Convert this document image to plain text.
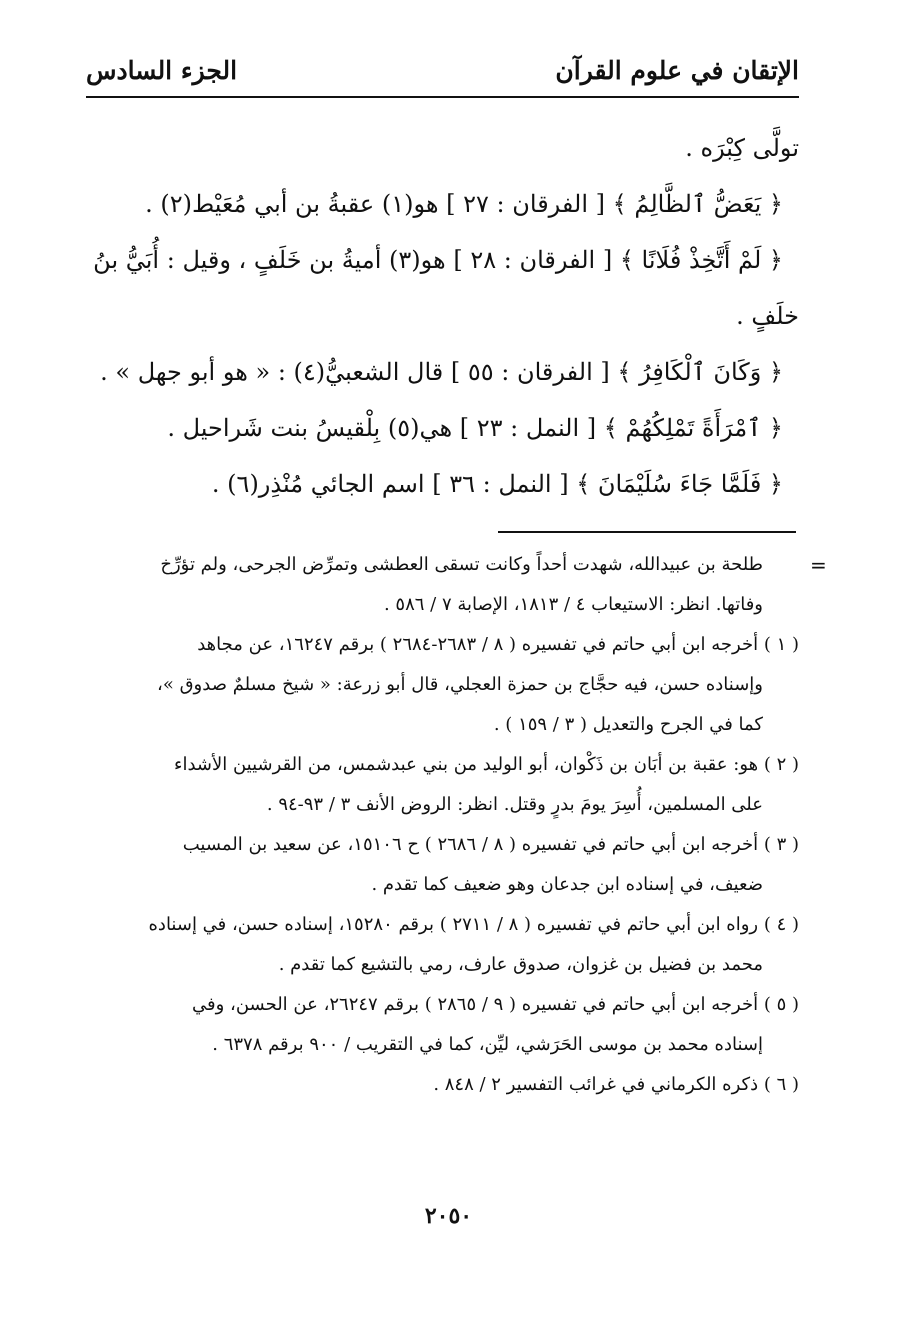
الإتقان في علوم القرآن
الجزء السادس
تولَّى كِبْرَه .
﴿ يَعَضُّ ٱلظَّالِمُ ﴾ [ الفرقان : ٢٧ ] هو(١) عقبةُ بن أبي مُعَيْط(٢) .
﴿ لَمْ أَتَّخِذْ فُلَانًا ﴾ [ الفرقان : ٢٨ ] هو(٣) أميةُ بن خَلَفٍ ، وقيل : أُبَيُّ بنُ
خلَفٍ .
﴿ وَكَانَ ٱلْكَافِرُ ﴾ [ الفرقان : ٥٥ ] قال الشعبيُّ(٤) : « هو أبو جهل » .
﴿ ٱمْرَأَةً تَمْلِكُهُمْ ﴾ [ النمل : ٢٣ ] هي(٥) بِلْقيسُ بنت شَراحيل .
﴿ فَلَمَّا جَاءَ سُلَيْمَانَ ﴾ [ النمل : ٣٦ ] اسم الجائي مُنْذِر(٦) .
=
طلحة بن عبيدالله، شهدت أحداً وكانت تسقى العطشى وتمرِّض الجرحى، ولم تؤرِّخ
وفاتها. انظر: الاستيعاب ٤ / ١٨١٣، الإصابة ٧ / ٥٨٦ .
( ١ ) أخرجه ابن أبي حاتم في تفسيره ( ٨ / ٢٦٨٣-٢٦٨٤ ) برقم ١٦٢٤٧، عن مجاهد
وإسناده حسن، فيه حجَّاج بن حمزة العجلي، قال أبو زرعة: « شيخ مسلمٌ صدوق »،
كما في الجرح والتعديل ( ٣ / ١٥٩ ) .
( ٢ ) هو: عقبة بن أبَان بن ذَكْوان، أبو الوليد من بني عبدشمس، من القرشيين الأشداء
على المسلمين، أُسِرَ يومَ بدرٍ وقتل. انظر: الروض الأنف ٣ / ٩٣-٩٤ .
( ٣ ) أخرجه ابن أبي حاتم في تفسيره ( ٨ / ٢٦٨٦ ) ح ١٥١٠٦، عن سعيد بن المسيب
ضعيف، في إسناده ابن جدعان وهو ضعيف كما تقدم .
( ٤ ) رواه ابن أبي حاتم في تفسيره ( ٨ / ٢٧١١ ) برقم ١٥٢٨٠، إسناده حسن، في إسناده
محمد بن فضيل بن غزوان، صدوق عارف، رمي بالتشيع كما تقدم .
( ٥ ) أخرجه ابن أبي حاتم في تفسيره ( ٩ / ٢٨٦٥ ) برقم ٢٦٢٤٧، عن الحسن، وفي
إسناده محمد بن موسى الحَرَشي، ليِّن، كما في التقريب / ٩٠٠ برقم ٦٣٧٨ .
( ٦ ) ذكره الكرماني في غرائب التفسير ٢ / ٨٤٨ .
٢٠٥٠
